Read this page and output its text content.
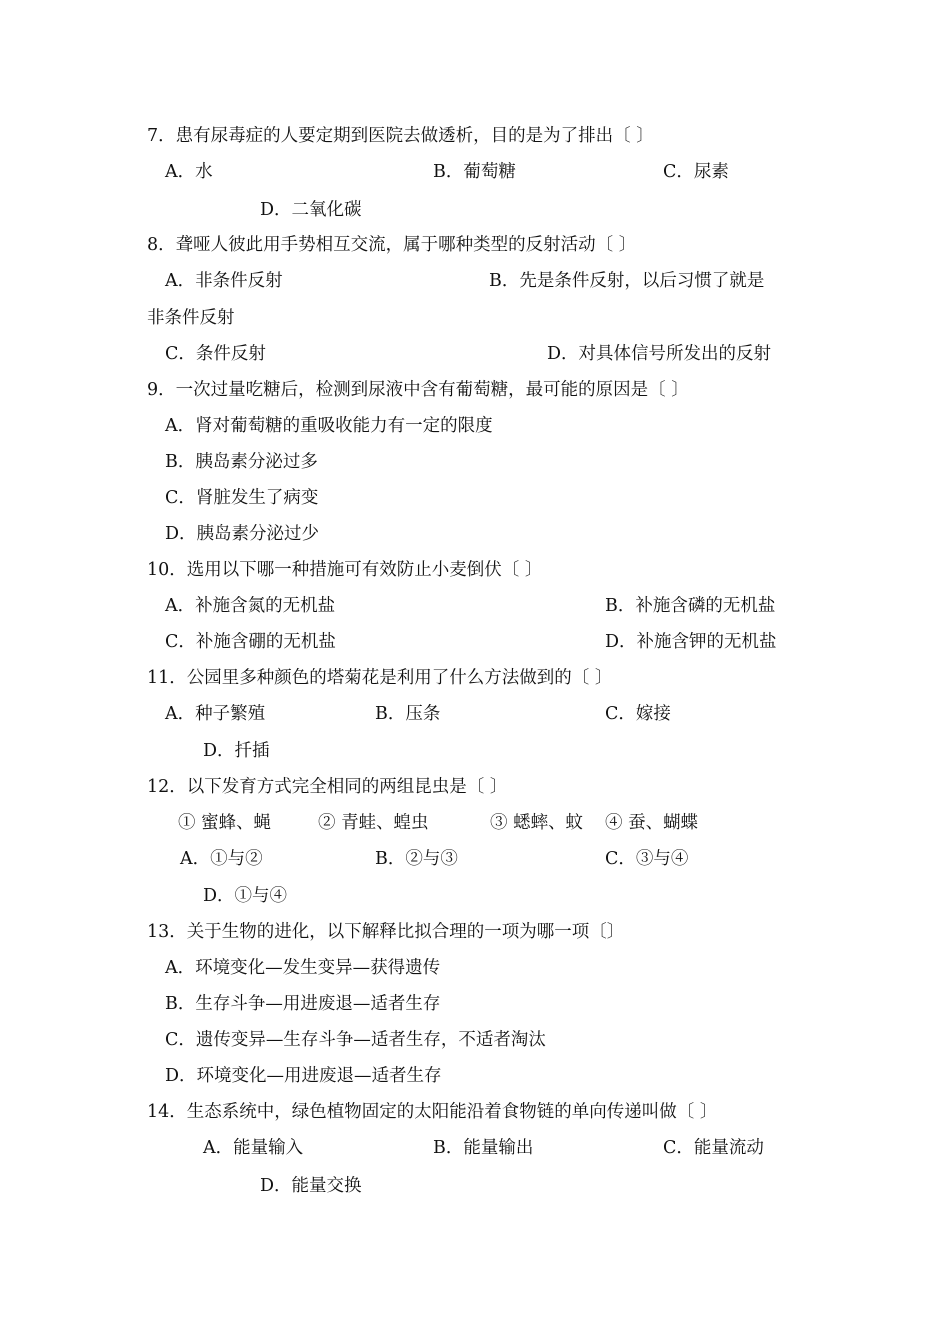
7．患有尿毒症的人要定期到医院去做透析，目的是为了排出〔 〕
A．水	B．葡萄糖	C．尿素
D．二氧化碳
8．聋哑人彼此用手势相互交流，属于哪种类型的反射活动〔 〕
A．非条件反射	B．先是条件反射，以后习惯了就是
非条件反射
C．条件反射	D．对具体信号所发出的反射
9．一次过量吃糖后，检测到尿液中含有葡萄糖，最可能的原因是〔 〕
A．肾对葡萄糖的重吸收能力有一定的限度
B．胰岛素分泌过多
C．肾脏发生了病变
D．胰岛素分泌过少
10．选用以下哪一种措施可有效防止小麦倒伏〔 〕
A．补施含氮的无机盐	B．补施含磷的无机盐
C．补施含硼的无机盐	D．补施含钾的无机盐
11．公园里多种颜色的塔菊花是利用了什么方法做到的〔 〕
A．种子繁殖	B．压条	C．嫁接
D．扦插
12．以下发育方式完全相同的两组昆虫是〔 〕
① 蜜蜂、蝇	② 青蛙、蝗虫	③ 蟋蟀、蚊 ④ 蚕、蝴蝶
A．①与②	B．②与③	C．③与④
D．①与④
13．关于生物的进化，以下解释比拟合理的一项为哪一项〔〕
A．环境变化—发生变异—获得遗传
B．生存斗争—用进废退—适者生存
C．遗传变异—生存斗争—适者生存，不适者淘汰
D．环境变化—用进废退—适者生存
14．生态系统中，绿色植物固定的太阳能沿着食物链的单向传递叫做〔 〕
A．能量输入	B．能量输出	C．能量流动
D．能量交换
